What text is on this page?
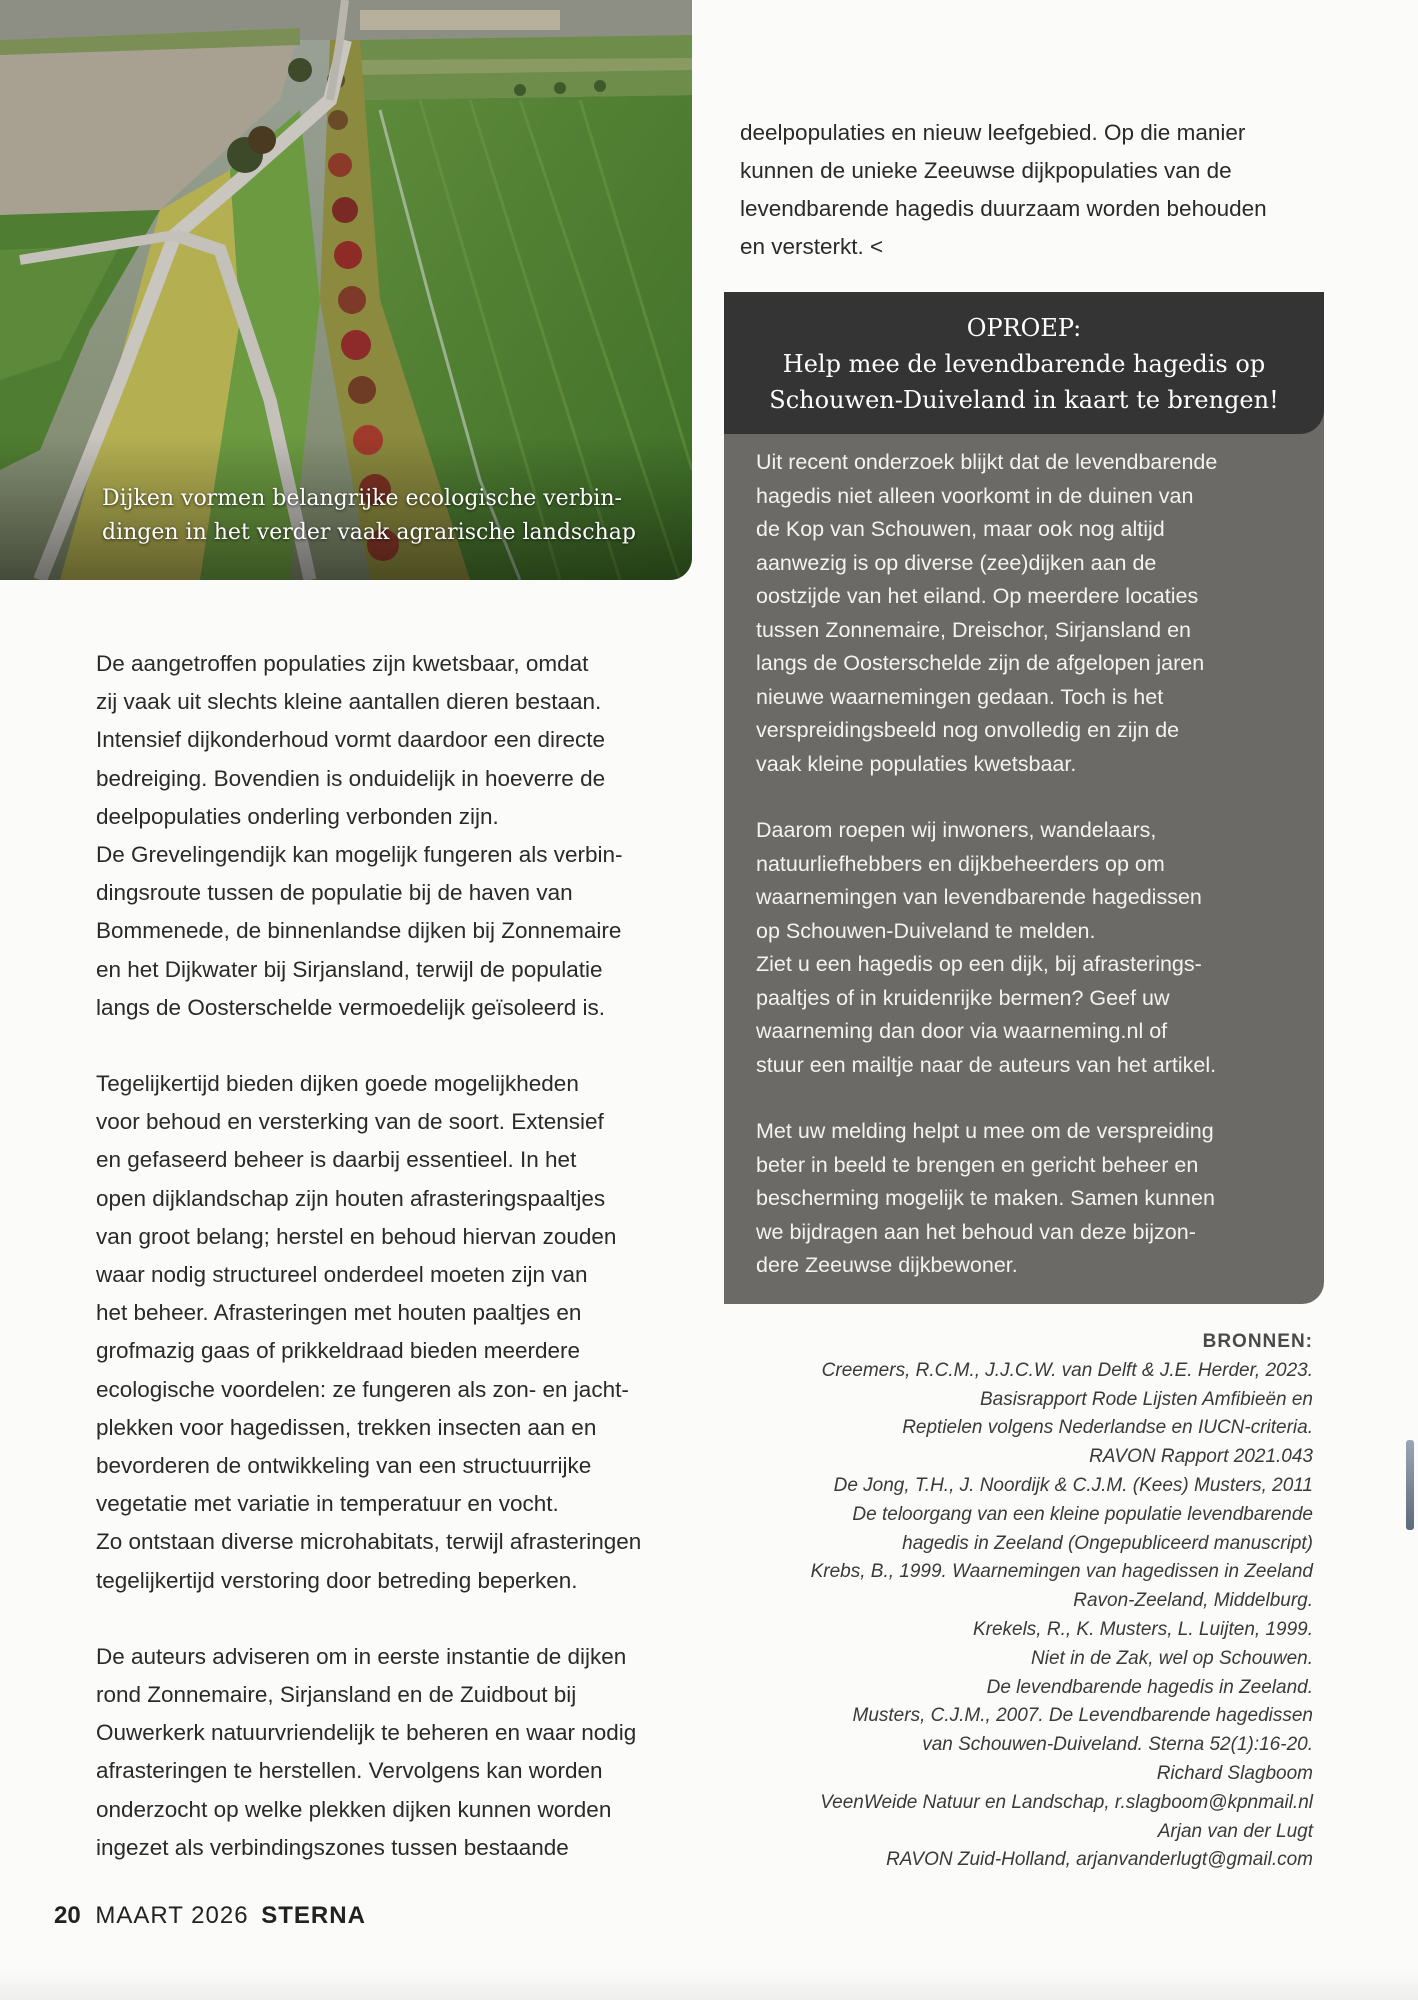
Dijken vormen belangrijke ecologische verbin-
dingen in het verder vaak agrarische landschap
deelpopulaties en nieuw leefgebied. Op die manier
kunnen de unieke Zeeuwse dijkpopulaties van de
levendbarende hagedis duurzaam worden behouden
en versterkt. <
OPROEP:
Help mee de levendbarende hagedis op
Schouwen-Duiveland in kaart te brengen!

Uit recent onderzoek blijkt dat de levendbarende
hagedis niet alleen voorkomt in de duinen van
de Kop van Schouwen, maar ook nog altijd
aanwezig is op diverse (zee)dijken aan de
oostzijde van het eiland. Op meerdere locaties
tussen Zonnemaire, Dreischor, Sirjansland en
langs de Oosterschelde zijn de afgelopen jaren
nieuwe waarnemingen gedaan. Toch is het
verspreidingsbeeld nog onvolledig en zijn de
vaak kleine populaties kwetsbaar.

Daarom roepen wij inwoners, wandelaars,
natuurliefhebbers en dijkbeheerders op om
waarnemingen van levendbarende hagedissen
op Schouwen-Duiveland te melden.
Ziet u een hagedis op een dijk, bij afrasterings-
paaltjes of in kruidenrijke bermen? Geef uw
waarneming dan door via waarneming.nl of
stuur een mailtje naar de auteurs van het artikel.

Met uw melding helpt u mee om de verspreiding
beter in beeld te brengen en gericht beheer en
bescherming mogelijk te maken. Samen kunnen
we bijdragen aan het behoud van deze bijzon-
dere Zeeuwse dijkbewoner.

De aangetroffen populaties zijn kwetsbaar, omdat
zij vaak uit slechts kleine aantallen dieren bestaan.
Intensief dijkonderhoud vormt daardoor een directe
bedreiging. Bovendien is onduidelijk in hoeverre de
deelpopulaties onderling verbonden zijn.
De Grevelingendijk kan mogelijk fungeren als verbin-
dingsroute tussen de populatie bij de haven van
Bommenede, de binnenlandse dijken bij Zonnemaire
en het Dijkwater bij Sirjansland, terwijl de populatie
langs de Oosterschelde vermoedelijk geïsoleerd is.

Tegelijkertijd bieden dijken goede mogelijkheden
voor behoud en versterking van de soort. Extensief
en gefaseerd beheer is daarbij essentieel. In het
open dijklandschap zijn houten afrasteringspaaltjes
van groot belang; herstel en behoud hiervan zouden
waar nodig structureel onderdeel moeten zijn van
het beheer. Afrasteringen met houten paaltjes en
grofmazig gaas of prikkeldraad bieden meerdere
ecologische voordelen: ze fungeren als zon- en jacht-
plekken voor hagedissen, trekken insecten aan en
bevorderen de ontwikkeling van een structuurrijke
vegetatie met variatie in temperatuur en vocht.
Zo ontstaan diverse microhabitats, terwijl afrasteringen
tegelijkertijd verstoring door betreding beperken.

De auteurs adviseren om in eerste instantie de dijken
rond Zonnemaire, Sirjansland en de Zuidbout bij
Ouwerkerk natuurvriendelijk te beheren en waar nodig
afrasteringen te herstellen. Vervolgens kan worden
onderzocht op welke plekken dijken kunnen worden
ingezet als verbindingszones tussen bestaande

BRONNEN:
Creemers, R.C.M., J.J.C.W. van Delft & J.E. Herder, 2023.
Basisrapport Rode Lijsten Amfibieën en
Reptielen volgens Nederlandse en IUCN-criteria.
RAVON Rapport 2021.043
De Jong, T.H., J. Noordijk & C.J.M. (Kees) Musters, 2011
De teloorgang van een kleine populatie levendbarende
hagedis in Zeeland (Ongepubliceerd manuscript)
Krebs, B., 1999. Waarnemingen van hagedissen in Zeeland
Ravon-Zeeland, Middelburg.
Krekels, R., K. Musters, L. Luijten, 1999.
Niet in de Zak, wel op Schouwen.
De levendbarende hagedis in Zeeland.
Musters, C.J.M., 2007. De Levendbarende hagedissen
van Schouwen-Duiveland. Sterna 52(1):16-20.
Richard Slagboom
VeenWeide Natuur en Landschap, r.slagboom@kpnmail.nl
Arjan van der Lugt
RAVON Zuid-Holland, arjanvanderlugt@gmail.com
20 MAART 2026 STERNA
